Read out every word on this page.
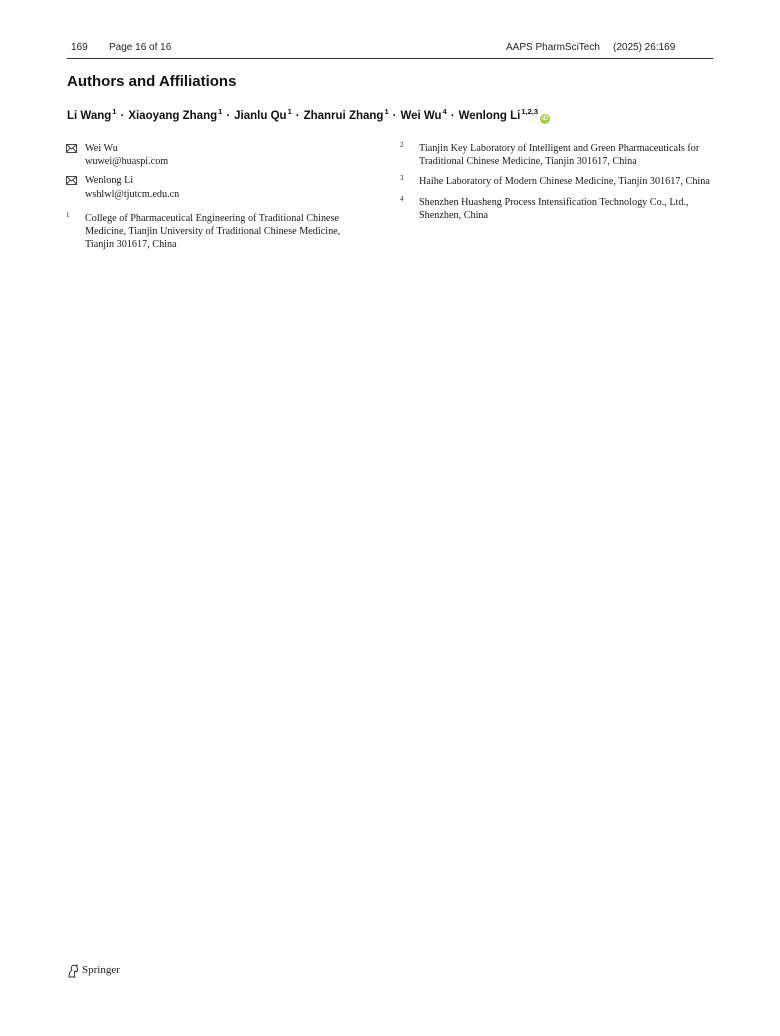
169 Page 16 of 16	AAPS PharmSciTech (2025) 26:169
Authors and Affiliations
Li Wang$^1$ · Xiaoyang Zhang$^1$ · Jianlu $Qu^1$ · Zhanrui Zhang$^1$ · Wei $Wu^4$ · Wenlong Li$^{1,2,3}$iD
Wei Wu
wuwei@huaspi.com
Wenlong Li
wshlwl@tjutcm.edu.cn
1 College of Pharmaceutical Engineering of Traditional Chinese Medicine, Tianjin University of Traditional Chinese Medicine, Tianjin 301617, China
2 Tianjin Key Laboratory of Intelligent and Green Pharmaceuticals for Traditional Chinese Medicine, Tianjin 301617, China
3 Haihe Laboratory of Modern Chinese Medicine, Tianjin 301617, China
4 Shenzhen Huasheng Process Intensification Technology Co., Ltd., Shenzhen, China
Springer
